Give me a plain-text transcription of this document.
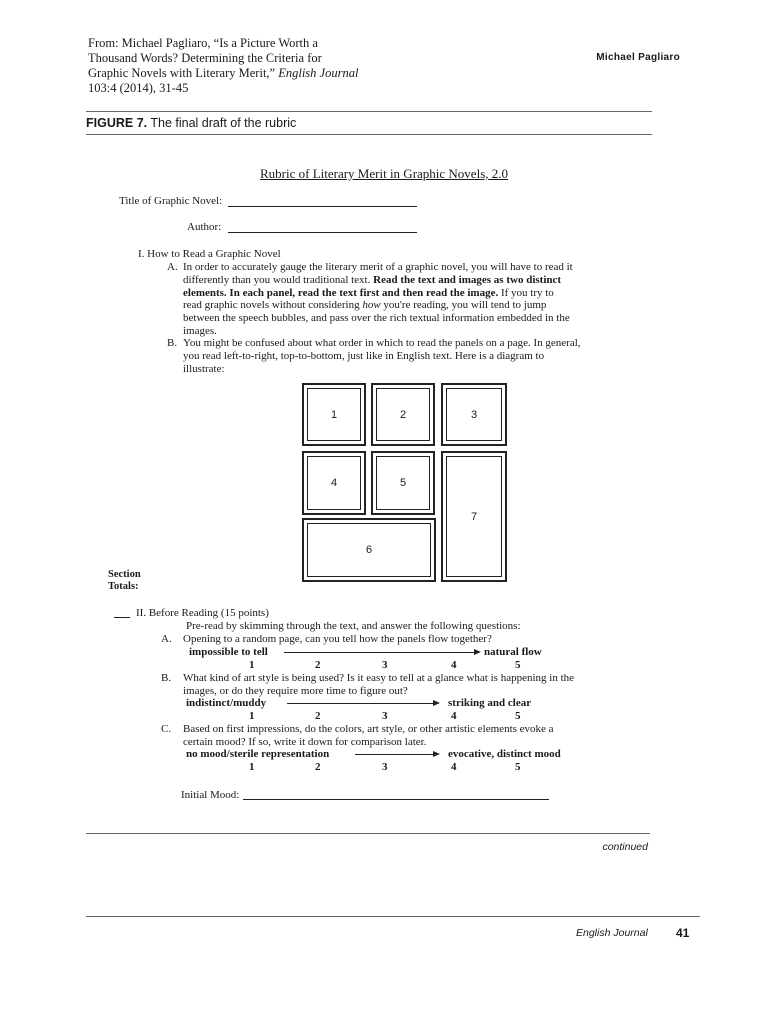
From: Michael Pagliaro, “Is a Picture Worth a
Thousand Words? Determining the Criteria for
Graphic Novels with Literary Merit,” English Journal
103:4 (2014), 31-45
Michael Pagliaro
FIGURE 7. The final draft of the rubric
Rubric of Literary Merit in Graphic Novels, 2.0
Title of Graphic Novel:
Author:
I. How to Read a Graphic Novel
A. In order to accurately gauge the literary merit of a graphic novel, you will have to read it
differently than you would traditional text. Read the text and images as two distinct
elements. In each panel, read the text first and then read the image. If you try to
read graphic novels without considering how you're reading, you will tend to jump
between the speech bubbles, and pass over the rich textual information embedded in the
images.
B. You might be confused about what order in which to read the panels on a page. In general,
you read left-to-right, top-to-bottom, just like in English text. Here is a diagram to
illustrate:
1	2	3
4	5
6
7
Section
Totals:
II. Before Reading (15 points)
Pre-read by skimming through the text, and answer the following questions:
A. Opening to a random page, can you tell how the panels flow together?
impossible to tell	natural flow
1	2	3	4	5
B. What kind of art style is being used? Is it easy to tell at a glance what is happening in the
images, or do they require more time to figure out?
indistinct/muddy	striking and clear
1	2	3	4	5
C. Based on first impressions, do the colors, art style, or other artistic elements evoke a
certain mood? If so, write it down for comparison later.
no mood/sterile representation	evocative, distinct mood
1	2	3	4	5
Initial Mood:
continued
English Journal 41
